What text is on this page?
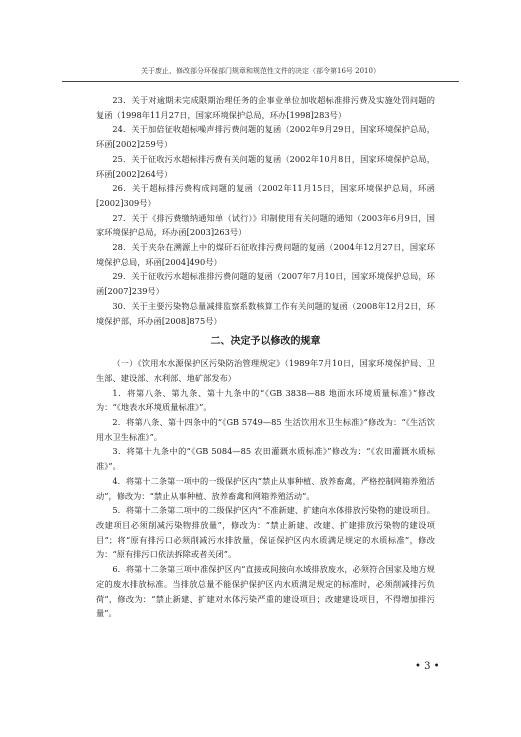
关于废止、修改部分环保部门规章和规范性文件的决定（部令第16号 2010）

23．关于对逾期未完成限期治理任务的企事业单位加收超标准排污费及实施处罚问题的复函（1998年11月27日，国家环境保护总局，环办[1998]283号）

24．关于加倍征收超标噪声排污费问题的复函（2002年9月29日，国家环境保护总局，环函[2002]259号）

25．关于征收污水超标排污费有关问题的复函（2002年10月8日，国家环境保护总局，环函[2002]264号）

26．关于超标排污费构成问题的复函（2002年11月15日，国家环境保护总局，环函[2002]309号）

27．关于《排污费缴纳通知单（试行）》印制使用有关问题的通知（2003年6月9日，国家环境保护总局，环办函[2003]263号）

28．关于夹杂在溯源上中的煤矸石征收排污费问题的复函（2004年12月27日，国家环境保护总局，环函[2004]490号）

29．关于征收污水超标准排污费问题的复函（2007年7月10日，国家环境保护总局，环函[2007]239号）

30．关于主要污染物总量减排监察系数核算工作有关问题的复函（2008年12月2日，环境保护部，环办函[2008]875号）

二、决定予以修改的规章

（一）《饮用水水源保护区污染防治管理规定》（1989年7月10日，国家环境保护局、卫生部、建设部、水利部、地矿部发布）

1．将第八条、第九条、第十九条中的“《GB 3838—88 地面水环境质量标准》”修改为：“《地表水环境质量标准》”。

2．将第八条、第十四条中的“《GB 5749—85 生活饮用水卫生标准》”修改为：“《生活饮用水卫生标准》”。

3．将第十九条中的“《GB 5084—85 农田灌溉水质标准》”修改为：“《农田灌溉水质标准》”。

4．将第十二条第一项中的一级保护区内“禁止从事种植、放养畜禽，严格控制网箱养殖活动”，修改为：“禁止从事种植、放养畜禽和网箱养殖活动”。

5．将第十二条第二项中的二级保护区内“不准新建、扩建向水体排放污染物的建设项目。改建项目必须削减污染物排放量”，修改为：“禁止新建、改建、扩建排放污染物的建设项目”；将“原有排污口必须削减污水排放量，保证保护区内水质满足规定的水质标准”，修改为：“原有排污口依法拆除或者关闭”。

6．将第十二条第三项中准保护区内“直接或间接向水域排放废水，必须符合国家及地方规定的废水排放标准。当排放总量不能保护保护区内水质满足规定的标准时，必须削减排污负荷”，修改为：“禁止新建、扩建对水体污染严重的建设项目；改建建设项目，不得增加排污量”。

• 3 •
